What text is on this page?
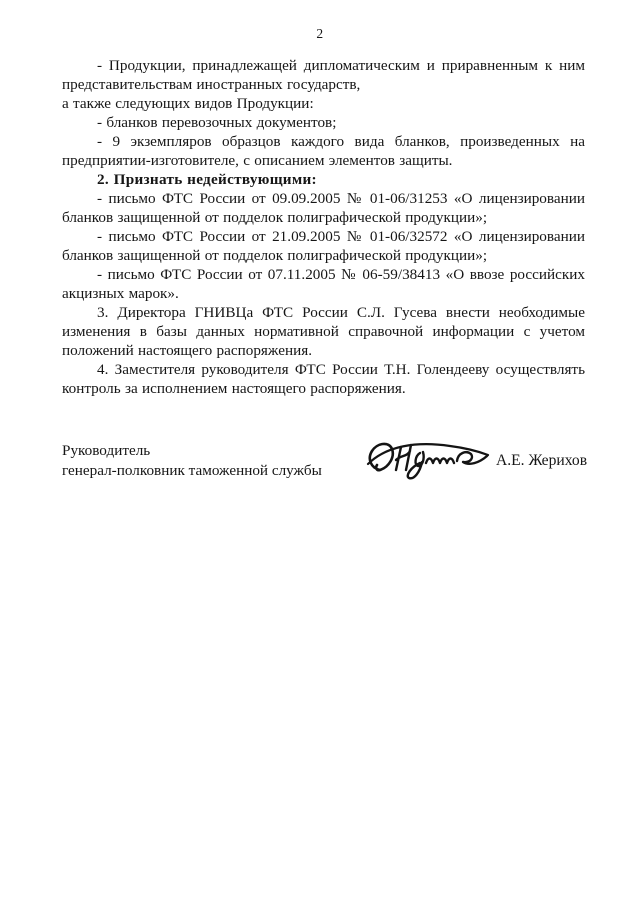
2
- Продукции, принадлежащей дипломатическим и приравненным к ним
представительствам иностранных государств,
а также следующих видов Продукции:
- бланков перевозочных документов;
- 9 экземпляров образцов каждого вида бланков, произведенных на
предприятии-изготовителе, с описанием элементов защиты.
2. Признать недействующими:
- письмо ФТС России от 09.09.2005 № 01-06/31253 «О лицензировании
бланков защищенной от подделок полиграфической продукции»;
- письмо ФТС России от 21.09.2005 № 01-06/32572 «О лицензировании
бланков защищенной от подделок полиграфической продукции»;
- письмо ФТС России от 07.11.2005 № 06-59/38413 «О ввозе российских
акцизных марок».
3. Директора ГНИВЦа ФТС России С.Л. Гусева внести необходимые
изменения в базы данных нормативной справочной информации с учетом
положений настоящего распоряжения.
4. Заместителя руководителя ФТС России Т.Н. Голендееву осуществлять
контроль за исполнением настоящего распоряжения.
Руководитель
генерал-полковник таможенной службы
А.Е. Жерихов
